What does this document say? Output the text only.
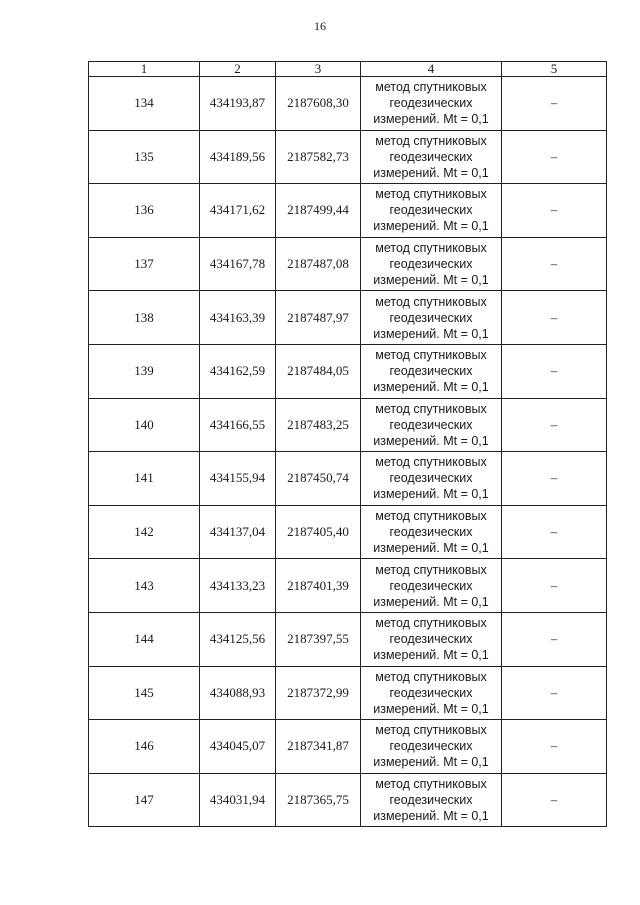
16
1	2	3	4	5
134	434193,87	2187608,30	метод спутниковых
геодезических
измерений. Mt = 0,1	–
135	434189,56	2187582,73	метод спутниковых
геодезических
измерений. Mt = 0,1	–
136	434171,62	2187499,44	метод спутниковых
геодезических
измерений. Mt = 0,1	–
137	434167,78	2187487,08	метод спутниковых
геодезических
измерений. Mt = 0,1	–
138	434163,39	2187487,97	метод спутниковых
геодезических
измерений. Mt = 0,1	–
139	434162,59	2187484,05	метод спутниковых
геодезических
измерений. Mt = 0,1	–
140	434166,55	2187483,25	метод спутниковых
геодезических
измерений. Mt = 0,1	–
141	434155,94	2187450,74	метод спутниковых
геодезических
измерений. Mt = 0,1	–
142	434137,04	2187405,40	метод спутниковых
геодезических
измерений. Mt = 0,1	–
143	434133,23	2187401,39	метод спутниковых
геодезических
измерений. Mt = 0,1	–
144	434125,56	2187397,55	метод спутниковых
геодезических
измерений. Mt = 0,1	–
145	434088,93	2187372,99	метод спутниковых
геодезических
измерений. Mt = 0,1	–
146	434045,07	2187341,87	метод спутниковых
геодезических
измерений. Mt = 0,1	–
147	434031,94	2187365,75	метод спутниковых
геодезических
измерений. Mt = 0,1	–
